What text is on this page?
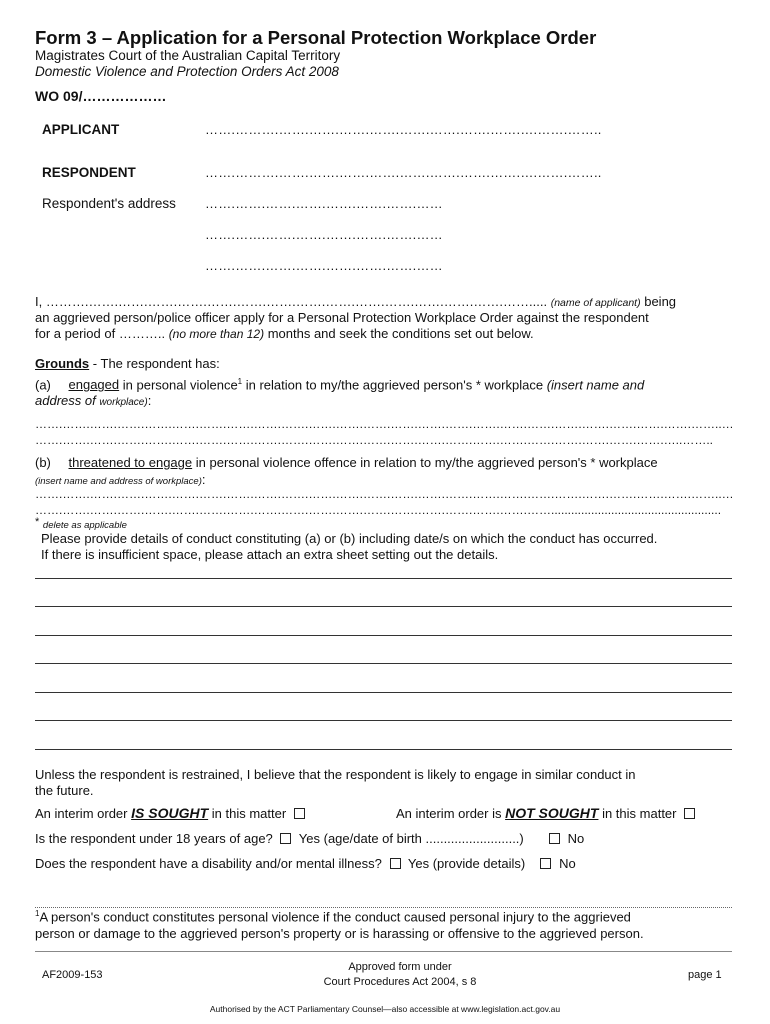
Form 3 – Application for a Personal Protection Workplace Order
Magistrates Court of the Australian Capital Territory
Domestic Violence and Protection Orders Act 2008
WO 09/………………
APPLICANT	…….……….…….…….…….…….…….…….…….…….….…….……..
RESPONDENT	…….……….…….…….…….…….…….…….…….…….….…….……..
Respondent's address …….…….…….…….…….…….…….……
…….…….…….…….…….…….…….……
…….…….…….…….…….…….…….……
I, ……….…….…….…….…….…….…….…….…….…….…….…….…….…….…….……..... (name of applicant) being
an aggrieved person/police officer apply for a Personal Protection Workplace Order against the respondent
for a period of ……….. (no more than 12) months and seek the conditions set out below.
Grounds - The respondent has:
(a) engaged in personal violence$^1$ in relation to my/the aggrieved person's * workplace (insert name and
address of workplace):
…….…….…….…….…….…….…….…….…….…….…….…….…….…….…….…….…….…….…….…….…….…….…….…….……..…
…….…….…….…….…….…….…….…….…….…….…….…….…….…….…….…….…….…….…….…….…….…….…….…..……..
(b) threatened to engage in personal violence offence in relation to my/the aggrieved person's * workplace
(insert name and address of workplace):
…….…….…….…….…….…….…….…….…….…….…….…….…….…….…….…….…….…….…….…….…….…….…….…….……..…
…….…….…….…….…….…….…….…….…….…….…….…….…….…….…….…….…….…….……...................................................
* delete as applicable
Please provide details of conduct constituting (a) or (b) including date/s on which the conduct has occurred.
If there is insufficient space, please attach an extra sheet setting out the details.
Unless the respondent is restrained, I believe that the respondent is likely to engage in similar conduct in
the future.
An interim order IS SOUGHT in this matter	An interim order is NOT SOUGHT in this matter
Is the respondent under 18 years of age? Yes (age/date of birth ..........................)	No
Does the respondent have a disability and/or mental illness? Yes (provide details)	No
$^1$A person's conduct constitutes personal violence if the conduct caused personal injury to the aggrieved
person or damage to the aggrieved person's property or is harassing or offensive to the aggrieved person.
AF2009-153
Approved form under
Court Procedures Act 2004, s 8
page 1
Authorised by the ACT Parliamentary Counsel—also accessible at www.legislation.act.gov.au
